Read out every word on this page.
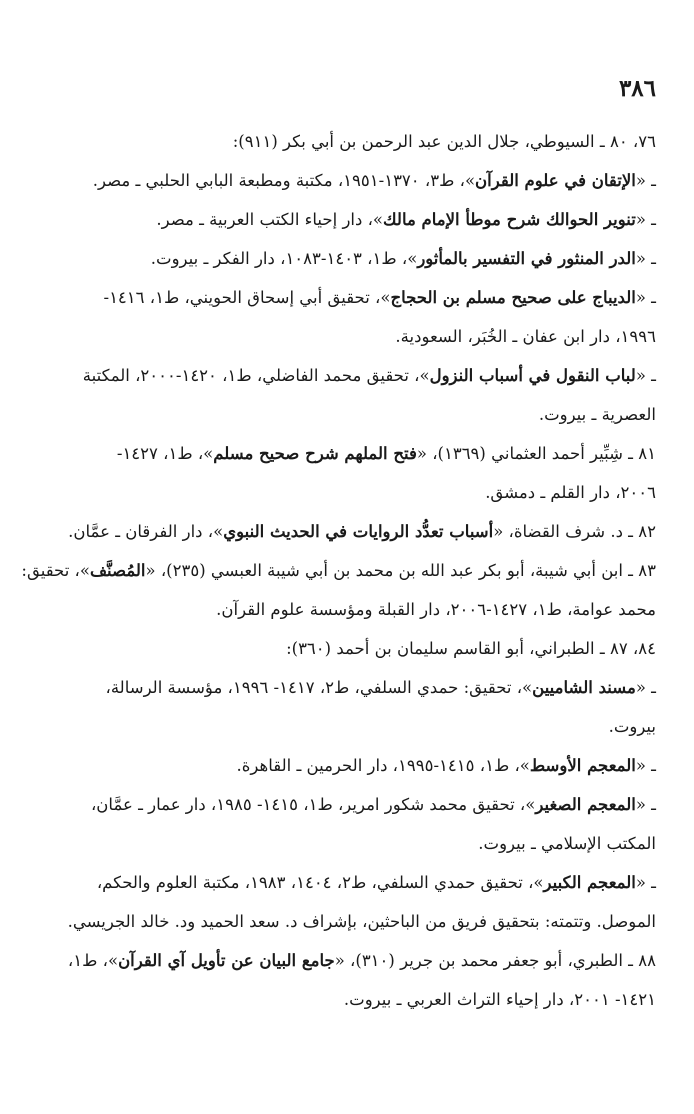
٣٨٦
٧٦، ٨٠ ـ السيوطي، جلال الدين عبد الرحمن بن أبي بكر (٩١١):
ـ «الإتقان في علوم القرآن»، ط٣، ١٣٧٠-١٩٥١، مكتبة ومطبعة البابي الحلبي ـ مصر.
ـ «تنوير الحوالك شرح موطأ الإمام مالك»، دار إحياء الكتب العربية ـ مصر.
ـ «الدر المنثور في التفسير بالمأثور»، ط١، ١٤٠٣-١٠٨٣، دار الفكر ـ بيروت.
ـ «الديباج على صحيح مسلم بن الحجاج»، تحقيق أبي إسحاق الحويني، ط١، ١٤١٦-
١٩٩٦، دار ابن عفان ـ الخُبَر، السعودية.
ـ «لباب النقول في أسباب النزول»، تحقيق محمد الفاضلي، ط١، ١٤٢٠-٢٠٠٠، المكتبة
العصرية ـ بيروت.
٨١ ـ شِبِّير أحمد العثماني (١٣٦٩)، «فتح الملهم شرح صحيح مسلم»، ط١، ١٤٢٧-
٢٠٠٦، دار القلم ـ دمشق.
٨٢ ـ د. شرف القضاة، «أسباب تعدُّد الروايات في الحديث النبوي»، دار الفرقان ـ عمَّان.
٨٣ ـ ابن أبي شيبة، أبو بكر عبد الله بن محمد بن أبي شيبة العبسي (٢٣٥)، «المُصنَّف»، تحقيق:
محمد عوامة، ط١، ١٤٢٧-٢٠٠٦، دار القبلة ومؤسسة علوم القرآن.
٨٤، ٨٧ ـ الطبراني، أبو القاسم سليمان بن أحمد (٣٦٠):
ـ «مسند الشاميين»، تحقيق: حمدي السلفي، ط٢، ١٤١٧- ١٩٩٦، مؤسسة الرسالة،
بيروت.
ـ «المعجم الأوسط»، ط١، ١٤١٥-١٩٩٥، دار الحرمين ـ القاهرة.
ـ «المعجم الصغير»، تحقيق محمد شكور امرير، ط١، ١٤١٥- ١٩٨٥، دار عمار ـ عمَّان،
المكتب الإسلامي ـ بيروت.
ـ «المعجم الكبير»، تحقيق حمدي السلفي، ط٢، ١٤٠٤، ١٩٨٣، مكتبة العلوم والحكم،
الموصل. وتتمته: بتحقيق فريق من الباحثين، بإشراف د. سعد الحميد ود. خالد الجريسي.
٨٨ ـ الطبري، أبو جعفر محمد بن جرير (٣١٠)، «جامع البيان عن تأويل آي القرآن»، ط١،
١٤٢١- ٢٠٠١، دار إحياء التراث العربي ـ بيروت.
